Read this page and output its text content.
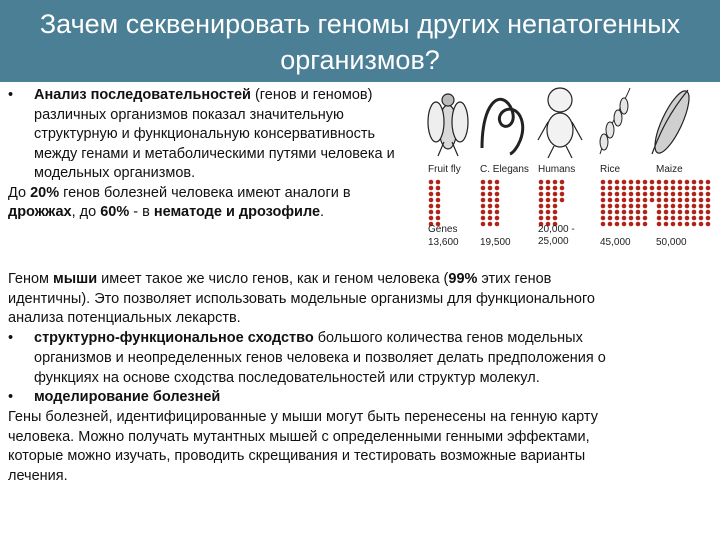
Зачем секвенировать геномы других непатогенных
организмов?
•	Анализ последовательностей (генов и геномов)
различных организмов показал значительную
структурную и функциональную консервативность
между генами и метаболическими путями человека и
модельных организмов.
До 20% генов болезней человека имеют аналоги в
дрожжах, до 60% - в нематоде и дрозофиле.
Fruit fly C. Elegans Humans Rice	Maize
Genes
13,600 19,500
20,000 -
25,000	45,000	50,000
Геном мыши имеет такое же число генов, как и геном человека (99% этих генов
идентичны). Это позволяет использовать модельные организмы для функционального
анализа потенциальных лекарств.
•	структурно-функциональное сходство большого количества генов модельных
организмов и неопределенных генов человека и позволяет делать предположения о
функциях на основе сходства последовательностей или структур молекул.
•	моделирование болезней
Гены болезней, идентифицированные у мыши могут быть перенесены на генную карту
человека. Можно получать мутантных мышей с определенными генными эффектами,
которые можно изучать, проводить скрещивания и тестировать возможные варианты
лечения.
